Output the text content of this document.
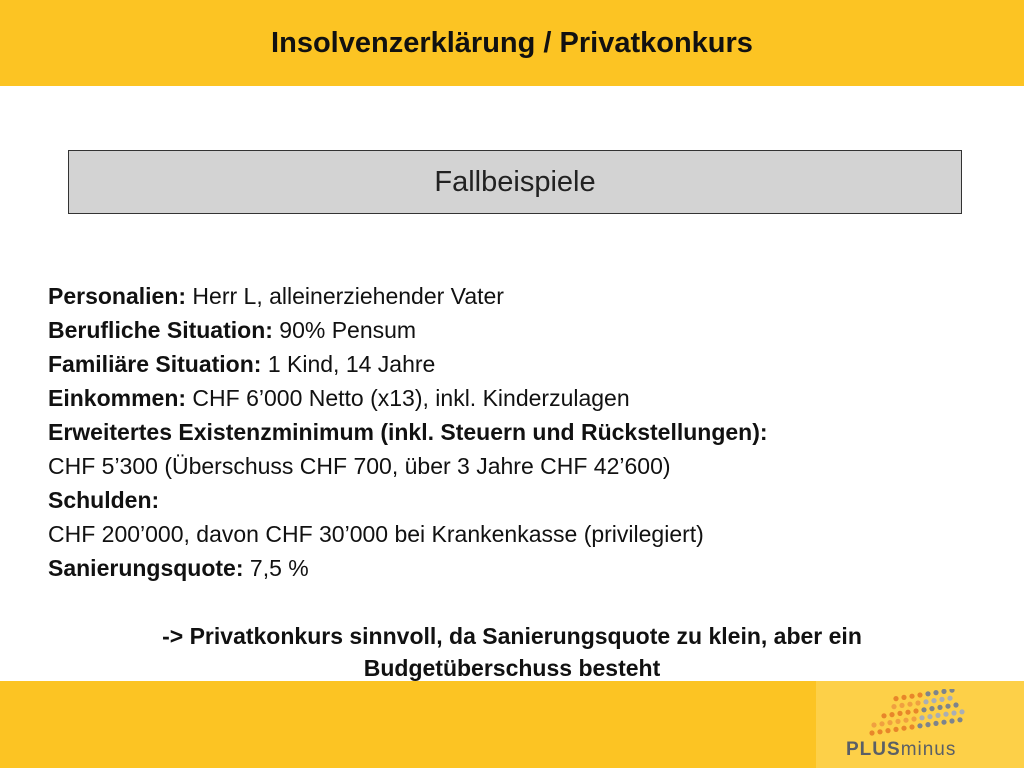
Insolvenzerklärung / Privatkonkurs
Fallbeispiele
Personalien: Herr L, alleinerziehender Vater
Berufliche Situation: 90% Pensum
Familiäre Situation: 1 Kind, 14 Jahre
Einkommen: CHF 6’000 Netto (x13), inkl. Kinderzulagen
Erweitertes Existenzminimum (inkl. Steuern und Rückstellungen):
CHF 5’300 (Überschuss CHF 700, über 3 Jahre CHF 42’600)
Schulden:
CHF 200’000, davon CHF 30’000 bei Krankenkasse (privilegiert)
Sanierungsquote: 7,5 %
-> Privatkonkurs sinnvoll, da Sanierungsquote zu klein, aber ein
Budgetüberschuss besteht
PLUSminus
